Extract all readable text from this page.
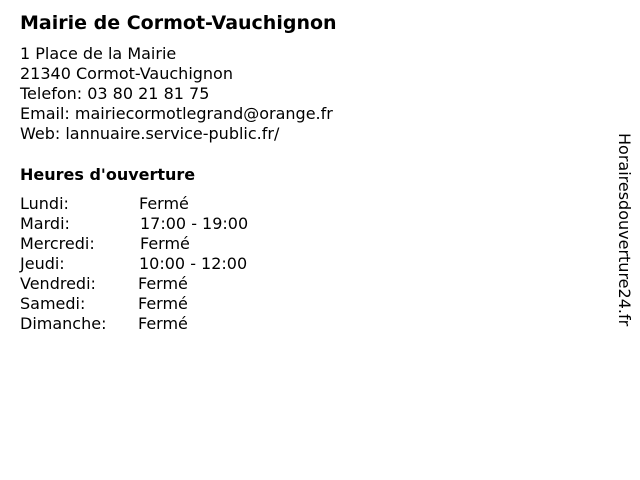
Mairie de Cormot-Vauchignon
1 Place de la Mairie
21340 Cormot-Vauchignon
Telefon: 03 80 21 81 75
Email: mairiecormotlegrand@orange.fr
Web: lannuaire.service-public.fr/
Heures d'ouverture
Lundi:	Fermé
Mardi:	17:00 - 19:00
Mercredi:	Fermé
Jeudi:	10:00 - 12:00
Vendredi:	Fermé
Samedi:	Fermé
Dimanche: Fermé	Horairesdouverture24.fr
